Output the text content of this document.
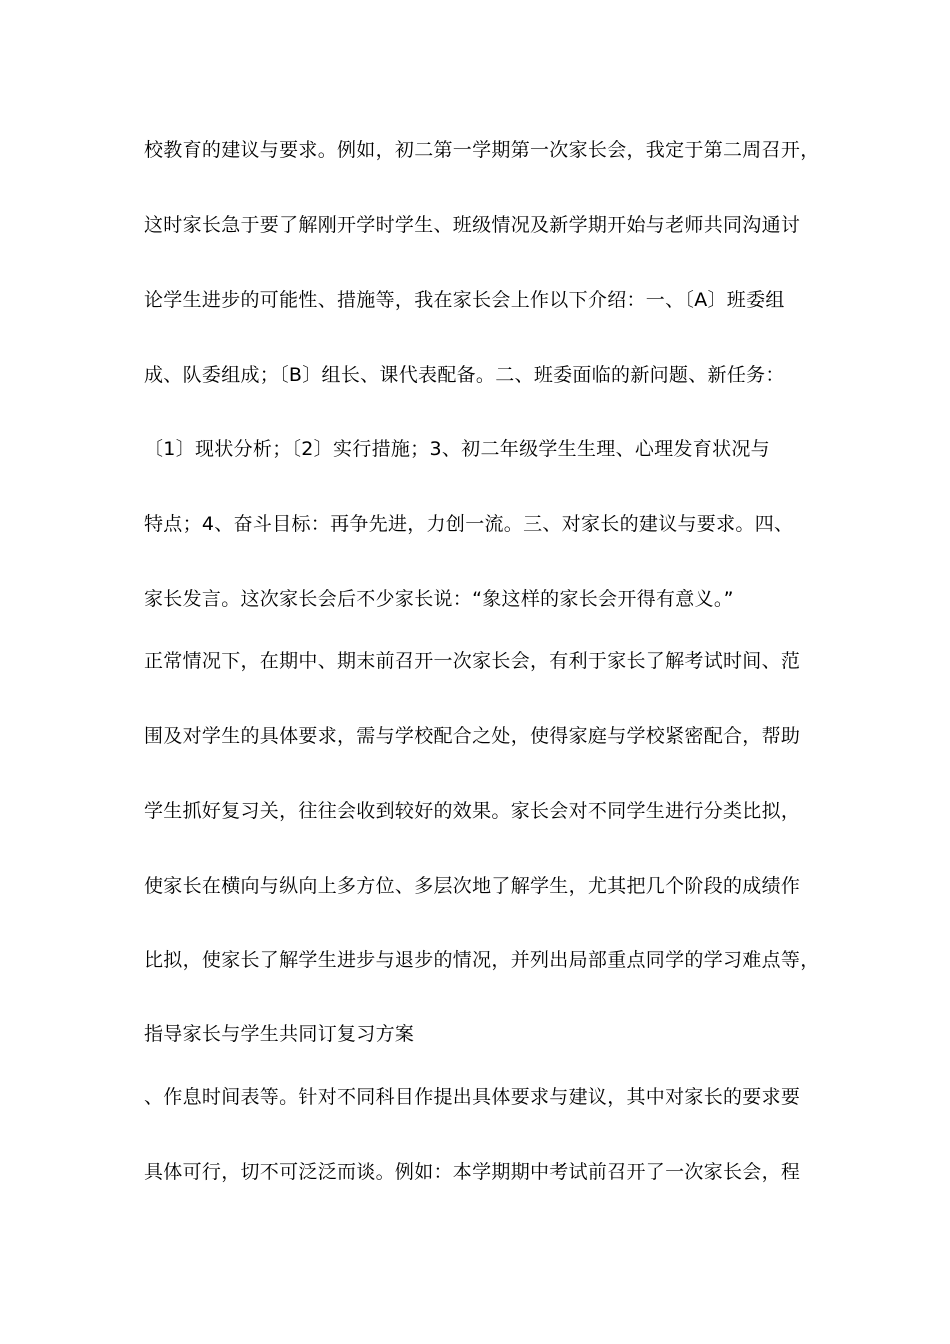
校教育的建议与要求。例如，初二第一学期第一次家长会，我定于第二周召开，
这时家长急于要了解刚开学时学生、班级情况及新学期开始与老师共同沟通讨
论学生进步的可能性、措施等，我在家长会上作以下介绍：一、〔A〕班委组
成、队委组成；〔B〕组长、课代表配备。二、班委面临的新问题、新任务：
〔1〕现状分析；〔2〕实行措施；3、初二年级学生生理、心理发育状况与
特点；4、奋斗目标：再争先进，力创一流。三、对家长的建议与要求。四、
家长发言。这次家长会后不少家长说：“象这样的家长会开得有意义。”
正常情况下，在期中、期末前召开一次家长会，有利于家长了解考试时间、范
围及对学生的具体要求，需与学校配合之处，使得家庭与学校紧密配合，帮助
学生抓好复习关，往往会收到较好的效果。家长会对不同学生进行分类比拟，
使家长在横向与纵向上多方位、多层次地了解学生，尤其把几个阶段的成绩作
比拟，使家长了解学生进步与退步的情况，并列出局部重点同学的学习难点等，
指导家长与学生共同订复习方案
、作息时间表等。针对不同科目作提出具体要求与建议，其中对家长的要求要
具体可行，切不可泛泛而谈。例如：本学期期中考试前召开了一次家长会，程
